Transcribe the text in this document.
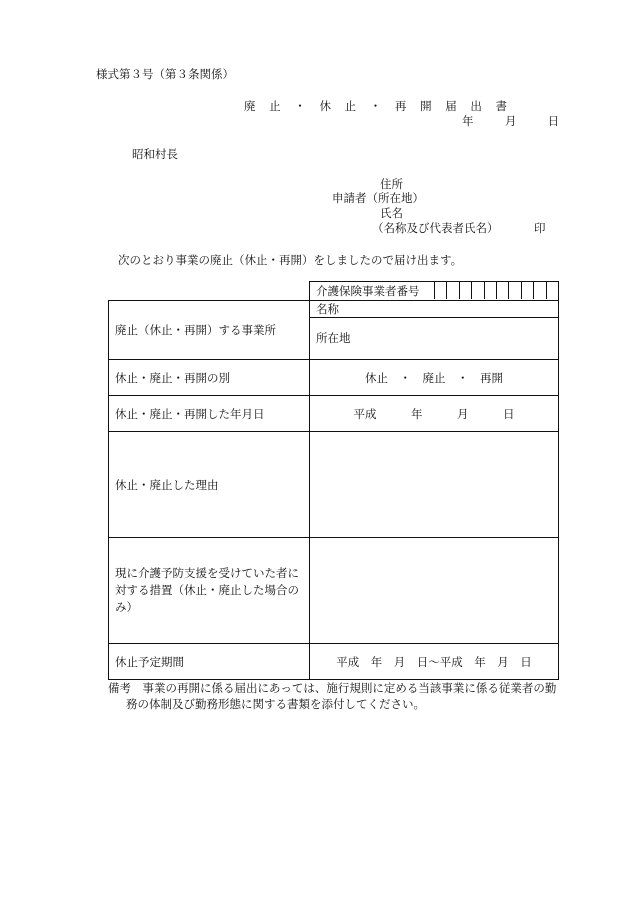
様式第３号（第３条関係）
廃 止 ・ 休 止 ・ 再 開 届 出 書
年	月	日
昭和村長
住所
申請者（所在地）
氏名
（名称及び代表者氏名）	印
次のとおり事業の廃止（休止・再開）をしましたので届け出ます。

	介護保険事業者番号

廃止（休止・再開）する事業所	名称
所在地

休止・廃止・再開の別	休止　・　廃止　・　再開
休止・廃止・再開した年月日	平成　　　年　　　月　　　日
休止・廃止した理由	
現に介護予防支援を受けていた者に対する措置（休止・廃止した場合のみ）	
休止予定期間	平成　年　月　日～平成　年　月　日
備考　事業の再開に係る届出にあっては、施行規則に定める当該事業に係る従業者の勤
務の体制及び勤務形態に関する書類を添付してください。
